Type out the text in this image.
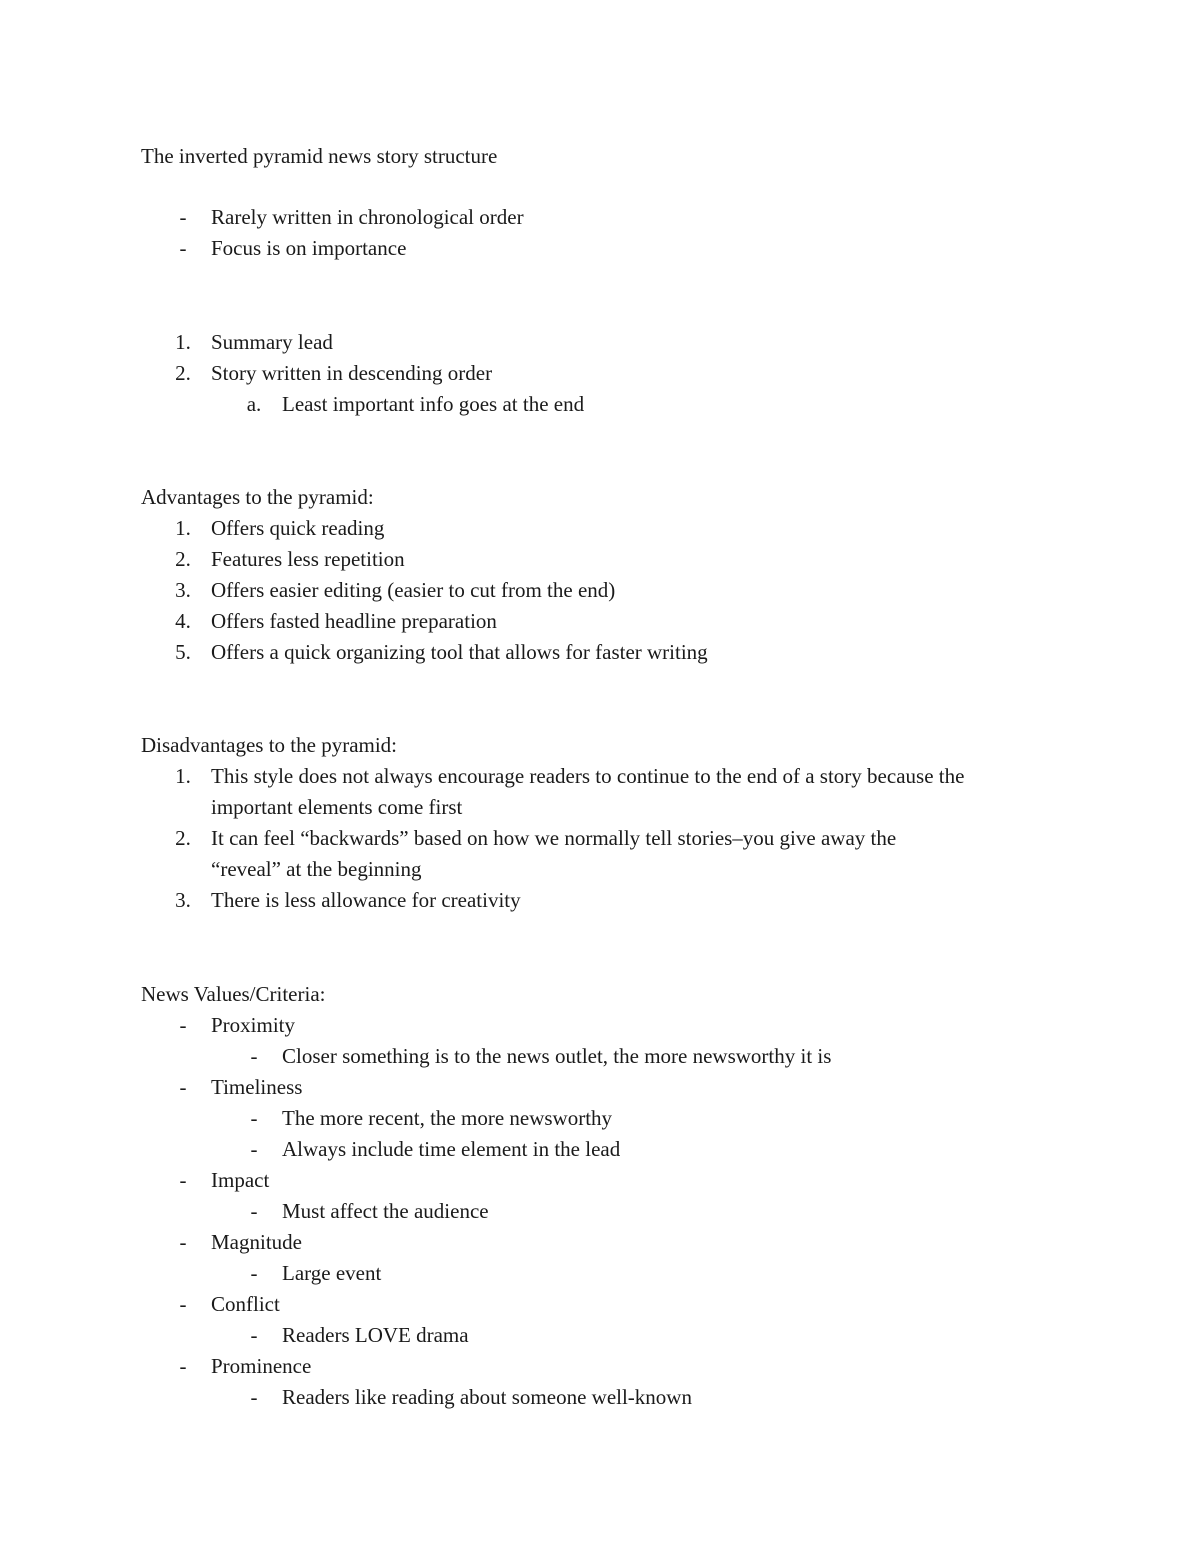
The inverted pyramid news story structure
-	Rarely written in chronological order
-	Focus is on importance
1. Summary lead
2. Story written in descending order
a. Least important info goes at the end
Advantages to the pyramid:
1. Offers quick reading
2. Features less repetition
3. Offers easier editing (easier to cut from the end)
4. Offers fasted headline preparation
5. Offers a quick organizing tool that allows for faster writing
Disadvantages to the pyramid:
1. This style does not always encourage readers to continue to the end of a story because the
important elements come first
2. It can feel “backwards” based on how we normally tell stories–you give away the
“reveal” at the beginning
3. There is less allowance for creativity
News Values/Criteria:
-	Proximity
-	Closer something is to the news outlet, the more newsworthy it is
-	Timeliness
-	The more recent, the more newsworthy
-	Always include time element in the lead
-	Impact
-	Must affect the audience
-	Magnitude
-	Large event
-	Conflict
-	Readers LOVE drama
-	Prominence
-	Readers like reading about someone well-known
